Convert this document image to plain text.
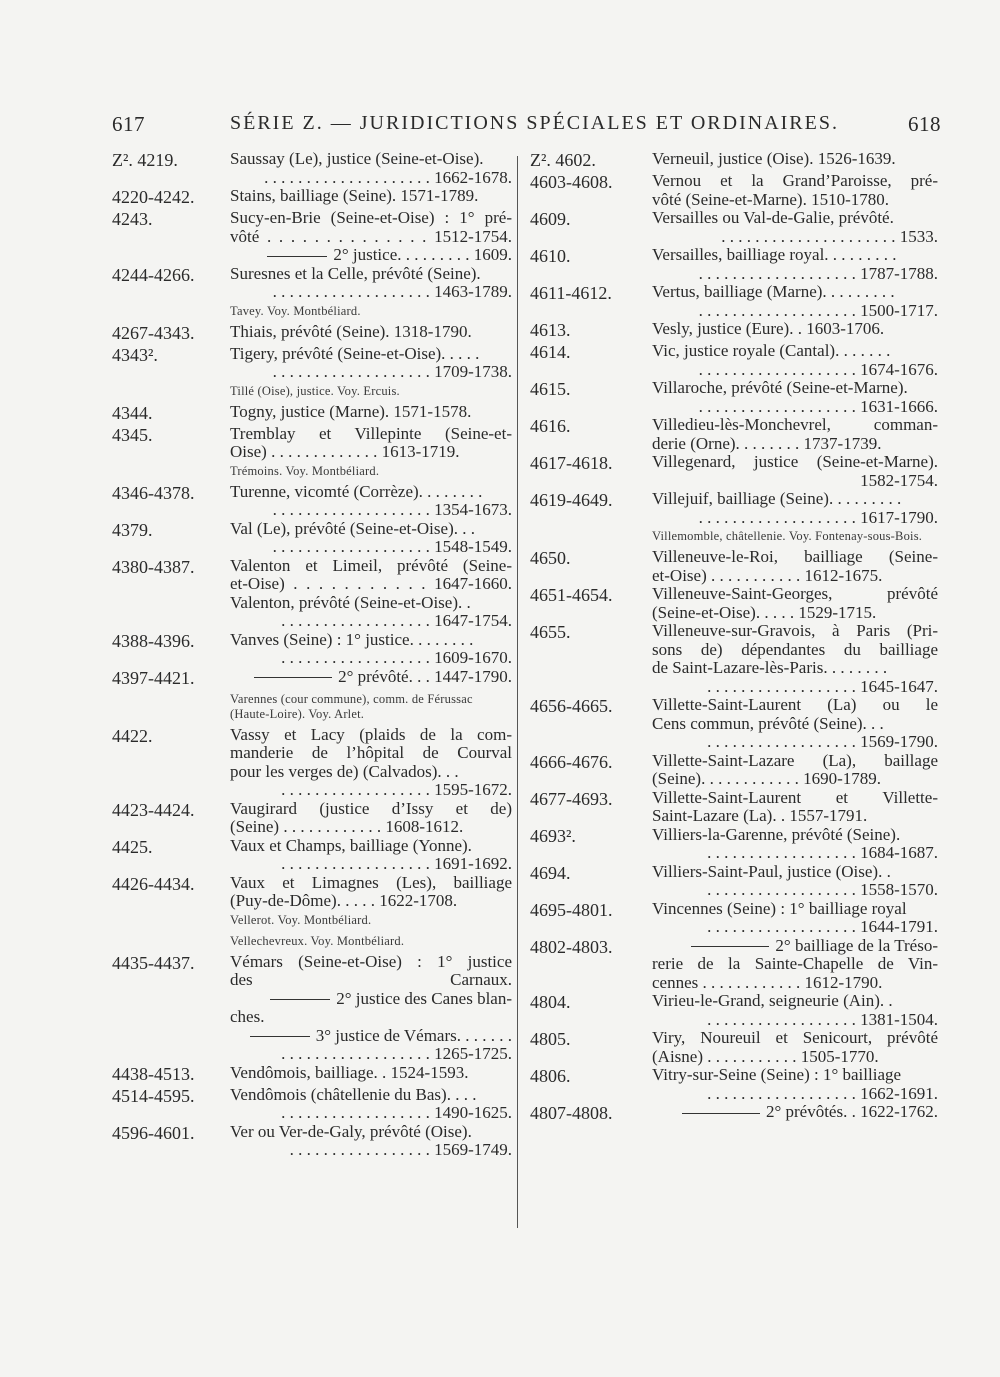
617	SÉRIE Z. — JURIDICTIONS SPÉCIALES ET ORDINAIRES.	618
Z². 4219.	Saussay (Le), justice (Seine-et-Oise).
. . . . . . . . . . . . . . . . . . . . 1662-1678.
4220-4242. Stains, bailliage (Seine). 1571-1789.
4243.	Sucy-en-Brie (Seine-et-Oise) : 1° pré-
vôté . . . . . . . . . . . . . . 1512-1754.
2° justice. . . . . . . . . 1609.
4244-4266. Suresnes et la Celle, prévôté (Seine).
. . . . . . . . . . . . . . . . . . . 1463-1789.
Tavey. Voy. Montbéliard.
4267-4343. Thiais, prévôté (Seine). 1318-1790.
4343².	Tigery, prévôté (Seine-et-Oise). . . . .
. . . . . . . . . . . . . . . . . . . 1709-1738.
Tillé (Oise), justice. Voy. Ercuis.
4344.	Togny, justice (Marne). 1571-1578.
4345.	Tremblay et Villepinte (Seine-et-
Oise) . . . . . . . . . . . . . 1613-1719.
Trémoins. Voy. Montbéliard.
4346-4378. Turenne, vicomté (Corrèze). . . . . . . .
. . . . . . . . . . . . . . . . . . . 1354-1673.
4379.	Val (Le), prévôté (Seine-et-Oise). . .
. . . . . . . . . . . . . . . . . . . 1548-1549.
4380-4387. Valenton et Limeil, prévôté (Seine-
et-Oise) . . . . . . . . . . . 1647-1660.
Valenton, prévôté (Seine-et-Oise). .
. . . . . . . . . . . . . . . . . . 1647-1754.
4388-4396. Vanves (Seine) : 1° justice. . . . . . . .
. . . . . . . . . . . . . . . . . . 1609-1670.
4397-4421.	2° prévôté. . . 1447-1790.
Varennes (cour commune), comm. de Férussac (Haute-Loire). Voy. Arlet.
4422.	Vassy et Lacy (plaids de la com-
manderie de l’hôpital de Courval
pour les verges de) (Calvados). . .
. . . . . . . . . . . . . . . . . . 1595-1672.
4423-4424. Vaugirard (justice d’Issy et de)
(Seine) . . . . . . . . . . . . 1608-1612.
4425.	Vaux et Champs, bailliage (Yonne).
. . . . . . . . . . . . . . . . . . 1691-1692.
4426-4434. Vaux et Limagnes (Les), bailliage
(Puy-de-Dôme). . . . . 1622-1708.
Vellerot. Voy. Montbéliard.
Vellechevreux. Voy. Montbéliard.
4435-4437. Vémars (Seine-et-Oise) : 1° justice
des Carnaux.
2° justice des Canes blan-
ches.
3° justice de Vémars. . . . . . .
. . . . . . . . . . . . . . . . . . 1265-1725.
4438-4513. Vendômois, bailliage. . 1524-1593.
4514-4595. Vendômois (châtellenie du Bas). . . .
. . . . . . . . . . . . . . . . . . 1490-1625.
4596-4601. Ver ou Ver-de-Galy, prévôté (Oise).
. . . . . . . . . . . . . . . . . 1569-1749.
Z². 4602.	Verneuil, justice (Oise). 1526-1639.
4603-4608. Vernou et la Grand’Paroisse, pré-
vôté (Seine-et-Marne). 1510-1780.
4609.	Versailles ou Val-de-Galie, prévôté.
. . . . . . . . . . . . . . . . . . . . . 1533.
4610.	Versailles, bailliage royal. . . . . . . . .
. . . . . . . . . . . . . . . . . . . 1787-1788.
4611-4612. Vertus, bailliage (Marne). . . . . . . . .
. . . . . . . . . . . . . . . . . . . 1500-1717.
4613.	Vesly, justice (Eure). . 1603-1706.
4614.	Vic, justice royale (Cantal). . . . . . .
. . . . . . . . . . . . . . . . . . . 1674-1676.
4615.	Villaroche, prévôté (Seine-et-Marne).
. . . . . . . . . . . . . . . . . . . 1631-1666.
4616.	Villedieu-lès-Monchevrel, comman-
derie (Orne). . . . . . . . 1737-1739.
4617-4618. Villegenard, justice (Seine-et-Marne).
1582-1754.
4619-4649. Villejuif, bailliage (Seine). . . . . . . . .
. . . . . . . . . . . . . . . . . . . 1617-1790.
Villemomble, châtellenie. Voy. Fontenay-sous-Bois.
4650.	Villeneuve-le-Roi, bailliage (Seine-
et-Oise) . . . . . . . . . . . 1612-1675.
4651-4654. Villeneuve-Saint-Georges, prévôté
(Seine-et-Oise). . . . . 1529-1715.
4655.	Villeneuve-sur-Gravois, à Paris (Pri-
sons de) dépendantes du bailliage
de Saint-Lazare-lès-Paris. . . . . . . .
. . . . . . . . . . . . . . . . . . 1645-1647.
4656-4665. Villette-Saint-Laurent (La) ou le
Cens commun, prévôté (Seine). . .
. . . . . . . . . . . . . . . . . . 1569-1790.
4666-4676. Villette-Saint-Lazare (La), baillage
(Seine). . . . . . . . . . . . 1690-1789.
4677-4693. Villette-Saint-Laurent et Villette-
Saint-Lazare (La). . 1557-1791.
4693².	Villiers-la-Garenne, prévôté (Seine).
. . . . . . . . . . . . . . . . . . 1684-1687.
4694.	Villiers-Saint-Paul, justice (Oise). .
. . . . . . . . . . . . . . . . . . 1558-1570.
4695-4801. Vincennes (Seine) : 1° bailliage royal
. . . . . . . . . . . . . . . . . . 1644-1791.
4802-4803.	2° bailliage de la Tréso-
rerie de la Sainte-Chapelle de Vin-
cennes . . . . . . . . . . . . 1612-1790.
4804.	Virieu-le-Grand, seigneurie (Ain). .
. . . . . . . . . . . . . . . . . . 1381-1504.
4805.	Viry, Noureuil et Senicourt, prévôté
(Aisne) . . . . . . . . . . . 1505-1770.
4806.	Vitry-sur-Seine (Seine) : 1° bailliage
. . . . . . . . . . . . . . . . . . 1662-1691.
4807-4808.	2° prévôtés. . 1622-1762.
